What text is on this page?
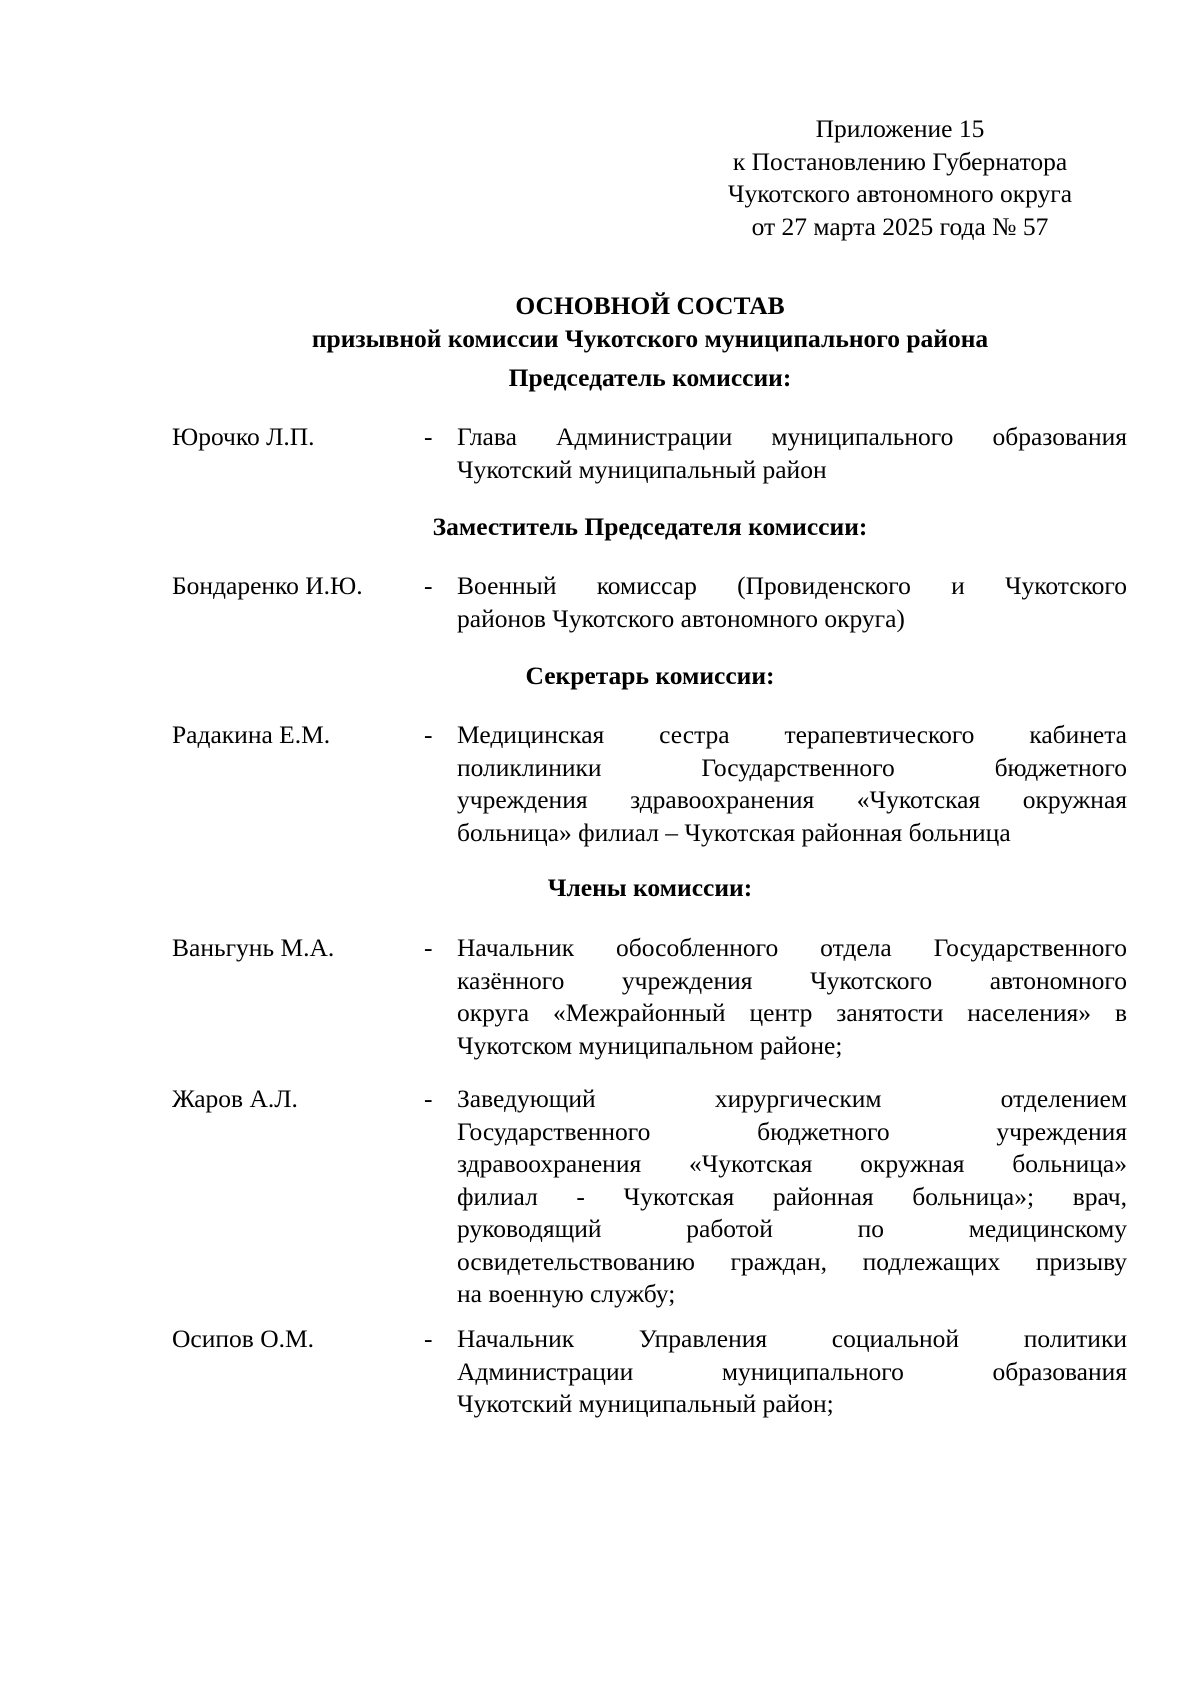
Приложение 15
к Постановлению Губернатора
Чукотского автономного округа
от 27 марта 2025 года № 57
ОСНОВНОЙ СОСТАВ
призывной комиссии Чукотского муниципального района
Председатель комиссии:
Юрочко Л.П.	- Глава Администрации муниципального образования
Чукотский муниципальный район
Заместитель Председателя комиссии:
Бондаренко И.Ю. - Военный комиссар (Провиденского и Чукотского
районов Чукотского автономного округа)
Секретарь комиссии:
Радакина Е.М.	- Медицинская сестра терапевтического кабинета
поликлиники Государственного бюджетного
учреждения здравоохранения «Чукотская окружная
больница» филиал – Чукотская районная больница
Члены комиссии:
Ваньгунь М.А.	- Начальник обособленного отдела Государственного
казённого учреждения Чукотского автономного
округа «Межрайонный центр занятости населения» в
Чукотском муниципальном районе;
Жаров А.Л.	- Заведующий хирургическим отделением
Государственного бюджетного учреждения
здравоохранения «Чукотская окружная больница»
филиал - Чукотская районная больница»; врач,
руководящий работой по медицинскому
освидетельствованию граждан, подлежащих призыву
на военную службу;
Осипов О.М.	- Начальник Управления социальной политики
Администрации муниципального образования
Чукотский муниципальный район;
